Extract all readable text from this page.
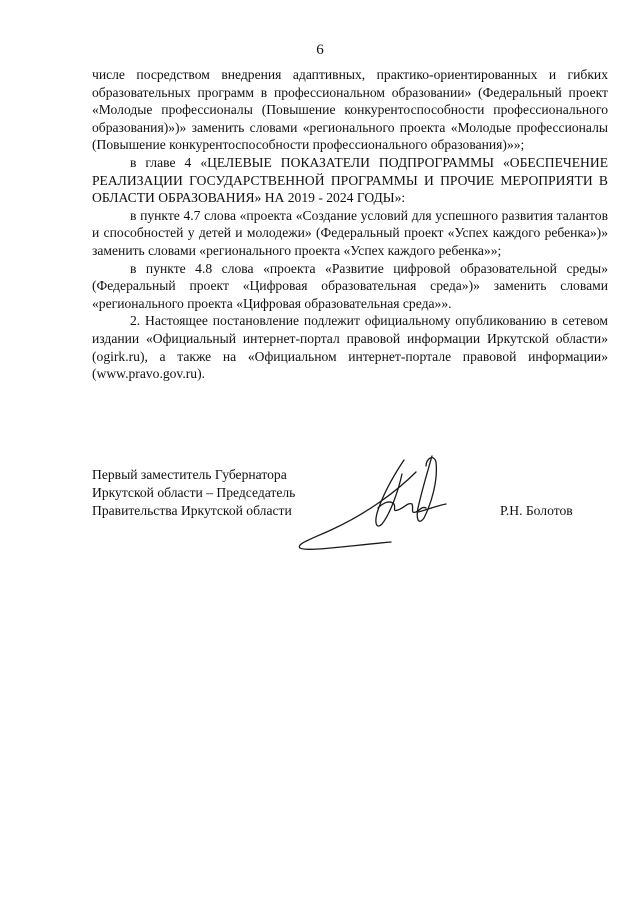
6

числе посредством внедрения адаптивных, практико-ориентированных и гибких образовательных программ в профессиональном образовании» (Федеральный проект «Молодые профессионалы (Повышение конкурентоспособности профессионального образования)»)» заменить словами «регионального проекта «Молодые профессионалы (Повышение конкурентоспособности профессионального образования)»»;

в главе 4 «ЦЕЛЕВЫЕ ПОКАЗАТЕЛИ ПОДПРОГРАММЫ «ОБЕСПЕЧЕНИЕ РЕАЛИЗАЦИИ ГОСУДАРСТВЕННОЙ ПРОГРАММЫ И ПРОЧИЕ МЕРОПРИЯТИ В ОБЛАСТИ ОБРАЗОВАНИЯ» НА 2019 - 2024 ГОДЫ»:

в пункте 4.7 слова «проекта «Создание условий для успешного развития талантов и способностей у детей и молодежи» (Федеральный проект «Успех каждого ребенка»)» заменить словами «регионального проекта «Успех каждого ребенка»»;

в пункте 4.8 слова «проекта «Развитие цифровой образовательной среды» (Федеральный проект «Цифровая образовательная среда»)» заменить словами «регионального проекта «Цифровая образовательная среда»».

2. Настоящее постановление подлежит официальному опубликованию в сетевом издании «Официальный интернет-портал правовой информации Иркутской области» (ogirk.ru), а также на «Официальном интернет-портале правовой информации» (www.pravo.gov.ru).

Первый заместитель Губернатора
Иркутской области – Председатель
Правительства Иркутской области	Р.Н. Болотов
